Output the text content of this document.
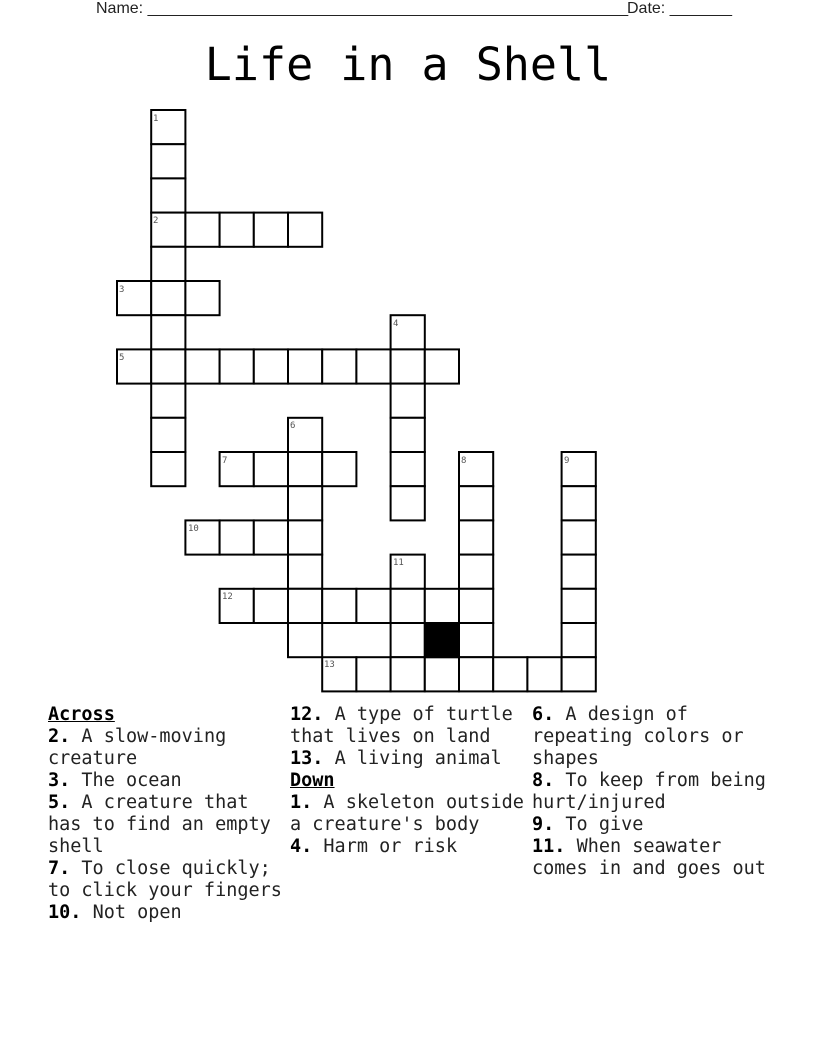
Name: ______________________________________________________
Date: _______
Life in a Shell
1
2
3
4
5
6
7	8	9
10
11
12
13
Across
2. A slow-moving creature
3. The ocean
5. A creature that has to find an empty shell
7. To close quickly; to click your fingers
10. Not open
12. A type of turtle that lives on land
13. A living animal
Down
1. A skeleton outside a creature's body
4. Harm or risk
6. A design of repeating colors or shapes
8. To keep from being hurt/injured
9. To give
11. When seawater comes in and goes out
